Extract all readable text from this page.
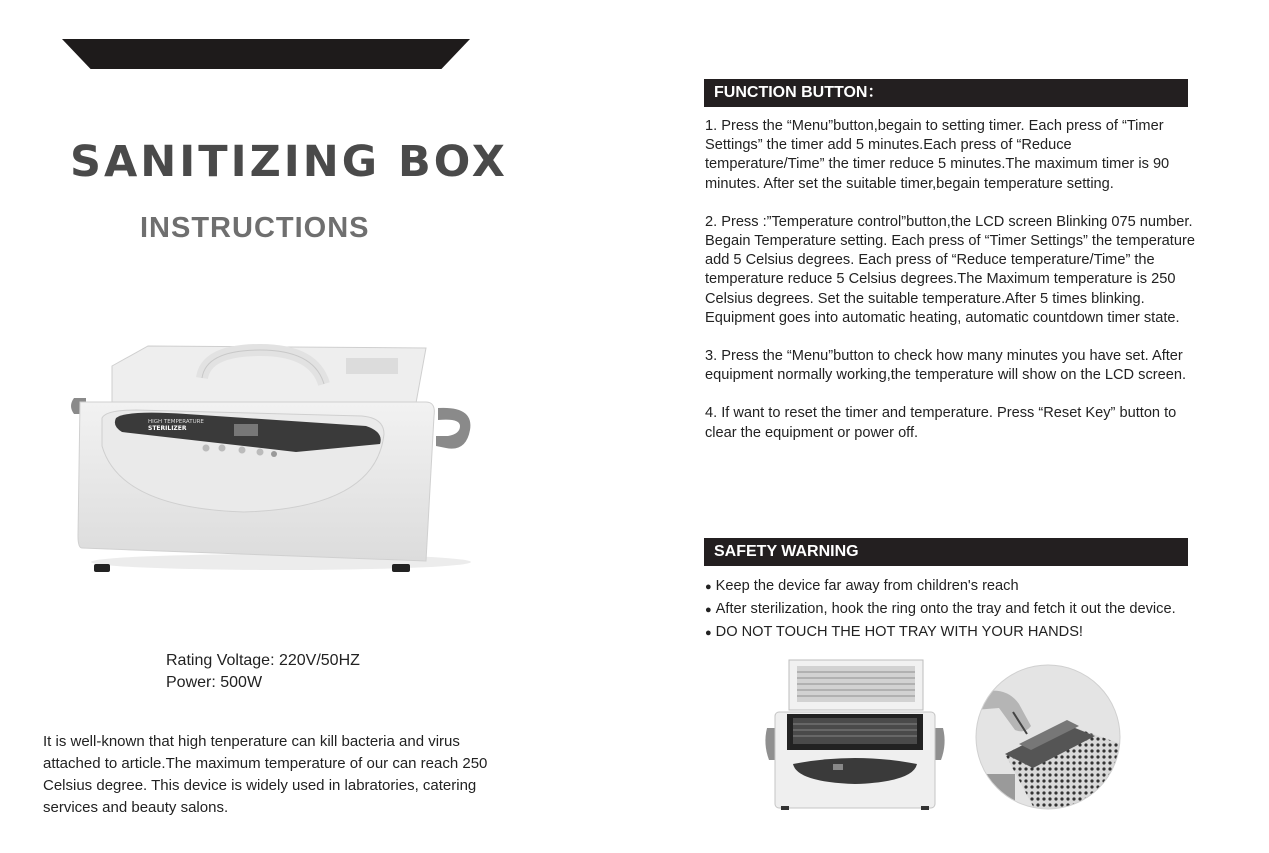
SANITIZING BOX
INSTRUCTIONS
HIGH TEMPERATURE
STERILIZER
Rating Voltage: 220V/50HZ
Power: 500W
It is well-known that high tenperature can kill bacteria and virus attached to article.The maximum temperature of our can reach 250 Celsius degree. This device is widely used in labratories, catering services and beauty salons.
FUNCTION BUTTON：

1. Press the “Menu”button,begain to setting timer. Each press of “Timer Settings” the timer add 5 minutes.Each press of “Reduce temperature/Time” the timer reduce 5 minutes.The maximum timer is 90 minutes. After set the suitable timer,begain temperature setting.

2. Press :”Temperature control”button,the LCD screen Blinking 075 number. Begain Temperature setting. Each press of “Timer Settings” the temperature add 5 Celsius degrees. Each press of “Reduce temperature/Time” the temperature reduce 5 Celsius degrees.The Maximum temperature is 250 Celsius degrees. Set the suitable temperature.After 5 times blinking. Equipment goes into automatic heating, automatic countdown timer state.

3. Press the “Menu”button to check how many minutes you have set. After equipment normally working,the temperature will show on the LCD screen.

4. If want to reset the timer and temperature. Press “Reset Key” button to clear the equipment or power off.

SAFETY WARNING
● Keep the device far away from children's reach
● After sterilization, hook the ring onto the tray and fetch it out the device.
● DO NOT TOUCH THE HOT TRAY WITH YOUR HANDS!
